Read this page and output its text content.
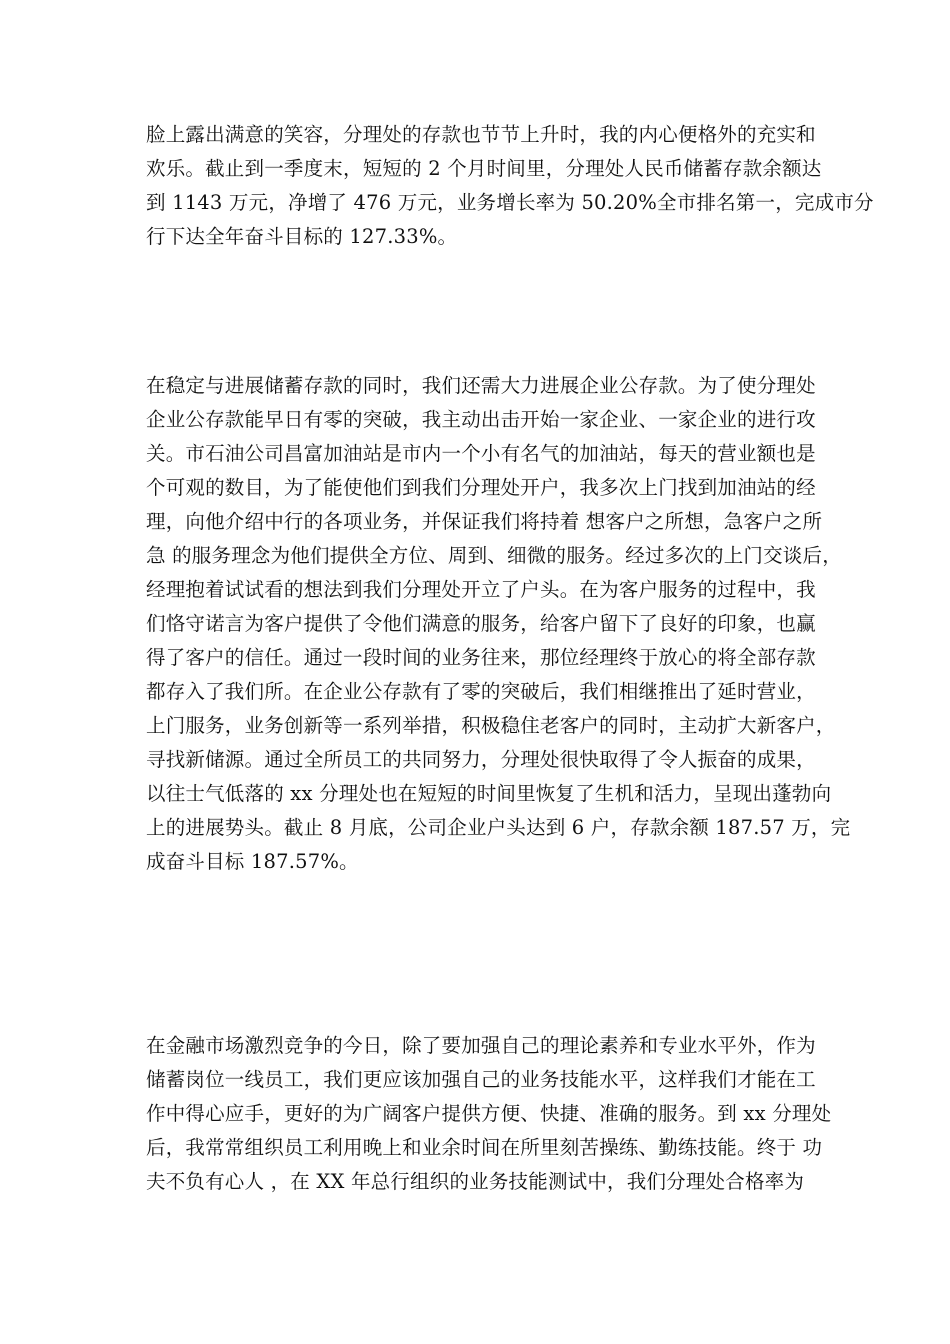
脸上露出满意的笑容，分理处的存款也节节上升时，我的内心便格外的充实和
欢乐。截止到一季度末，短短的 2 个月时间里，分理处人民币储蓄存款余额达
到 1143 万元，净增了 476 万元，业务增长率为 50.20%全市排名第一，完成市分
行下达全年奋斗目标的 127.33%。
在稳定与进展储蓄存款的同时，我们还需大力进展企业公存款。为了使分理处
企业公存款能早日有零的突破，我主动出击开始一家企业、一家企业的进行攻
关。市石油公司昌富加油站是市内一个小有名气的加油站，每天的营业额也是
个可观的数目，为了能使他们到我们分理处开户，我多次上门找到加油站的经
理，向他介绍中行的各项业务，并保证我们将持着 想客户之所想，急客户之所
急 的服务理念为他们提供全方位、周到、细微的服务。经过多次的上门交谈后，
经理抱着试试看的想法到我们分理处开立了户头。在为客户服务的过程中，我
们恪守诺言为客户提供了令他们满意的服务，给客户留下了良好的印象，也赢
得了客户的信任。通过一段时间的业务往来，那位经理终于放心的将全部存款
都存入了我们所。在企业公存款有了零的突破后，我们相继推出了延时营业，
上门服务，业务创新等一系列举措，积极稳住老客户的同时，主动扩大新客户，
寻找新储源。通过全所员工的共同努力，分理处很快取得了令人振奋的成果，
以往士气低落的 xx 分理处也在短短的时间里恢复了生机和活力，呈现出蓬勃向
上的进展势头。截止 8 月底，公司企业户头达到 6 户，存款余额 187.57 万，完
成奋斗目标 187.57%。
在金融市场激烈竞争的今日，除了要加强自己的理论素养和专业水平外，作为
储蓄岗位一线员工，我们更应该加强自己的业务技能水平，这样我们才能在工
作中得心应手，更好的为广阔客户提供方便、快捷、准确的服务。到 xx 分理处
后，我常常组织员工利用晚上和业余时间在所里刻苦操练、勤练技能。终于 功
夫不负有心人 ，在 XX 年总行组织的业务技能测试中，我们分理处合格率为
